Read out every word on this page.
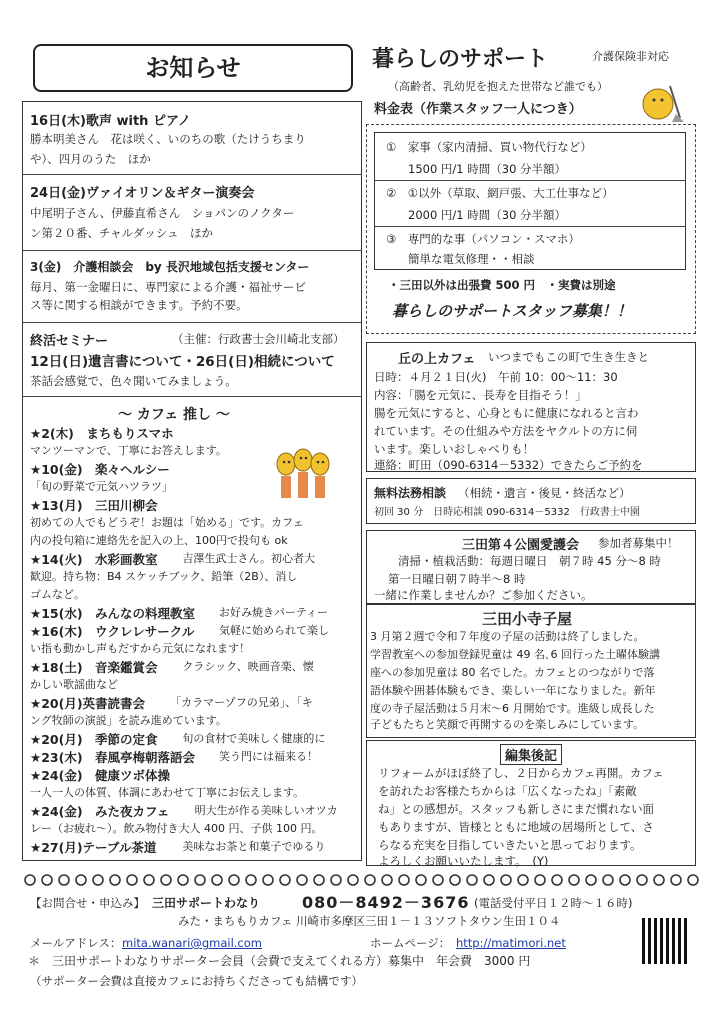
お知らせ
16日(木)歌声 with ピアノ
勝本明美さん　花は咲く、いのちの歌（たけうちまり
や）、四月のうた　ほか
24日(金)ヴァイオリン＆ギター演奏会
中尾明子さん、伊藤直希さん　ショパンのノクター
ン第２０番、チャルダッシュ　ほか
3(金)　介護相談会　by 長沢地域包括支援センター
毎月、第一金曜日に、専門家による介護・福祉サービ
ス等に関する相談ができます。予約不要。
終活セミナー	（主催：行政書士会川崎北支部）
12日(日)遺言書について・26日(日)相続について
茶話会感覚で、色々聞いてみましょう。
～ カフェ 推し ～
★2(木)　まちもりスマホ
マンツーマンで、丁寧にお答えします。
★10(金)　楽々ヘルシー
「旬の野菜で元気ハツラツ」
★13(月)　三田川柳会
初めての人でもどうぞ！お題は「始める」です。カフェ
内の投句箱に連絡先を記入の上、100円で投句も ok
★14(火)　水彩画教室 吉澤生武士さん。初心者大
歓迎。持ち物：B4 スケッチブック、鉛筆（2B）、消し
ゴムなど。
★15(水)　みんなの料理教室 お好み焼きパーティー
★16(木)　ウクレレサークル 気軽に始められて楽し
い指も動かし声もだすから元気になれます！
★18(土)　音楽鑑賞会 クラシック、映画音楽、懐
かしい歌謡曲など
★20(月)英書読書会 「カラマーゾフの兄弟」、「キ
ング牧師の演説」を読み進めています。
★20(月)　季節の定食 旬の食材で美味しく健康的に
★23(木)　春風亭梅朝落語会 笑う門には福来る！
★24(金)　健康ツボ体操
一人一人の体質、体調にあわせて丁寧にお伝えします。
★24(金)　みた夜カフェ 明大生が作る美味しいオツカ
レー（お疲れ～）。飲み物付き大人 400 円、子供 100 円。
★27(月)テーブル茶道 美味なお茶と和菓子でゆるり
暮らしのサポート	介護保険非対応
（高齢者、乳幼児を抱えた世帯など誰でも）
料金表（作業スタッフ一人につき）
①　家事（家内清掃、買い物代行など）
1500 円/1 時間（30 分半額）
②　①以外（草取、網戸張、大工仕事など）
2000 円/1 時間（30 分半額）
③　専門的な事（パソコン・スマホ）
簡単な電気修理・・相談
・三田以外は出張費 500 円　・実費は別途
暮らしのサポートスタッフ募集！！
丘の上カフェ いつまでもこの町で生き生きと
日時：４月２１日(火)　午前 10：00～11：30
内容：「腸を元気に、長寿を目指そう！」
腸を元気にすると、心身ともに健康になれると言わ
れています。その仕組みや方法をヤクルトの方に伺
います。楽しいおしゃべりも！
連絡：町田（090-6314－5332）できたらご予約を
無料法務相談 （相続・遺言・後見・終活など）
初回 30 分　日時応相談 090-6314－5332　行政書士中園
三田第４公園愛護会 参加者募集中！
清掃・植栽活動：毎週日曜日　朝７時 45 分～8 時
第一日曜日朝７時半～8 時
一緒に作業しませんか？ご参加ください。
三田小寺子屋
3 月第２週で令和７年度の子屋の活動は終了しました。
学習教室への参加登録児童は 49 名､6 回行った土曜体験講
座への参加児童は 80 名でした。カフェとのつながりで落
語体験や囲碁体験もでき、楽しい一年になりました。新年
度の寺子屋活動は５月末～6 月開始です。進級し成長した
子どもたちと笑顔で再開するのを楽しみにしています。
編集後記
リフォームがほぼ終了し、２日からカフェ再開。カフェ
を訪れたお客様たちからは「広くなったね」「素敵
ね」との感想が。スタッフも新しさにまだ慣れない面
もありますが、皆様とともに地域の居場所として、さ
らなる充実を目指していきたいと思っております。
よろしくお願いいたします。　(Y)
【お問合せ・申込み】 三田サポートわなり	080－8492－3676 (電話受付平日１２時～１６時)
みた・まちもりカフェ 川崎市多摩区三田１－１３ソフトタウン生田１０４
メールアドレス： mita.wanari@gmail.com	ホームページ： http://matimori.net
＊　三田サポートわなりサポーター会員（会費で支えてくれる方）募集中　年会費　3000 円
（サポーター会費は直接カフェにお持ちくださっても結構です）
